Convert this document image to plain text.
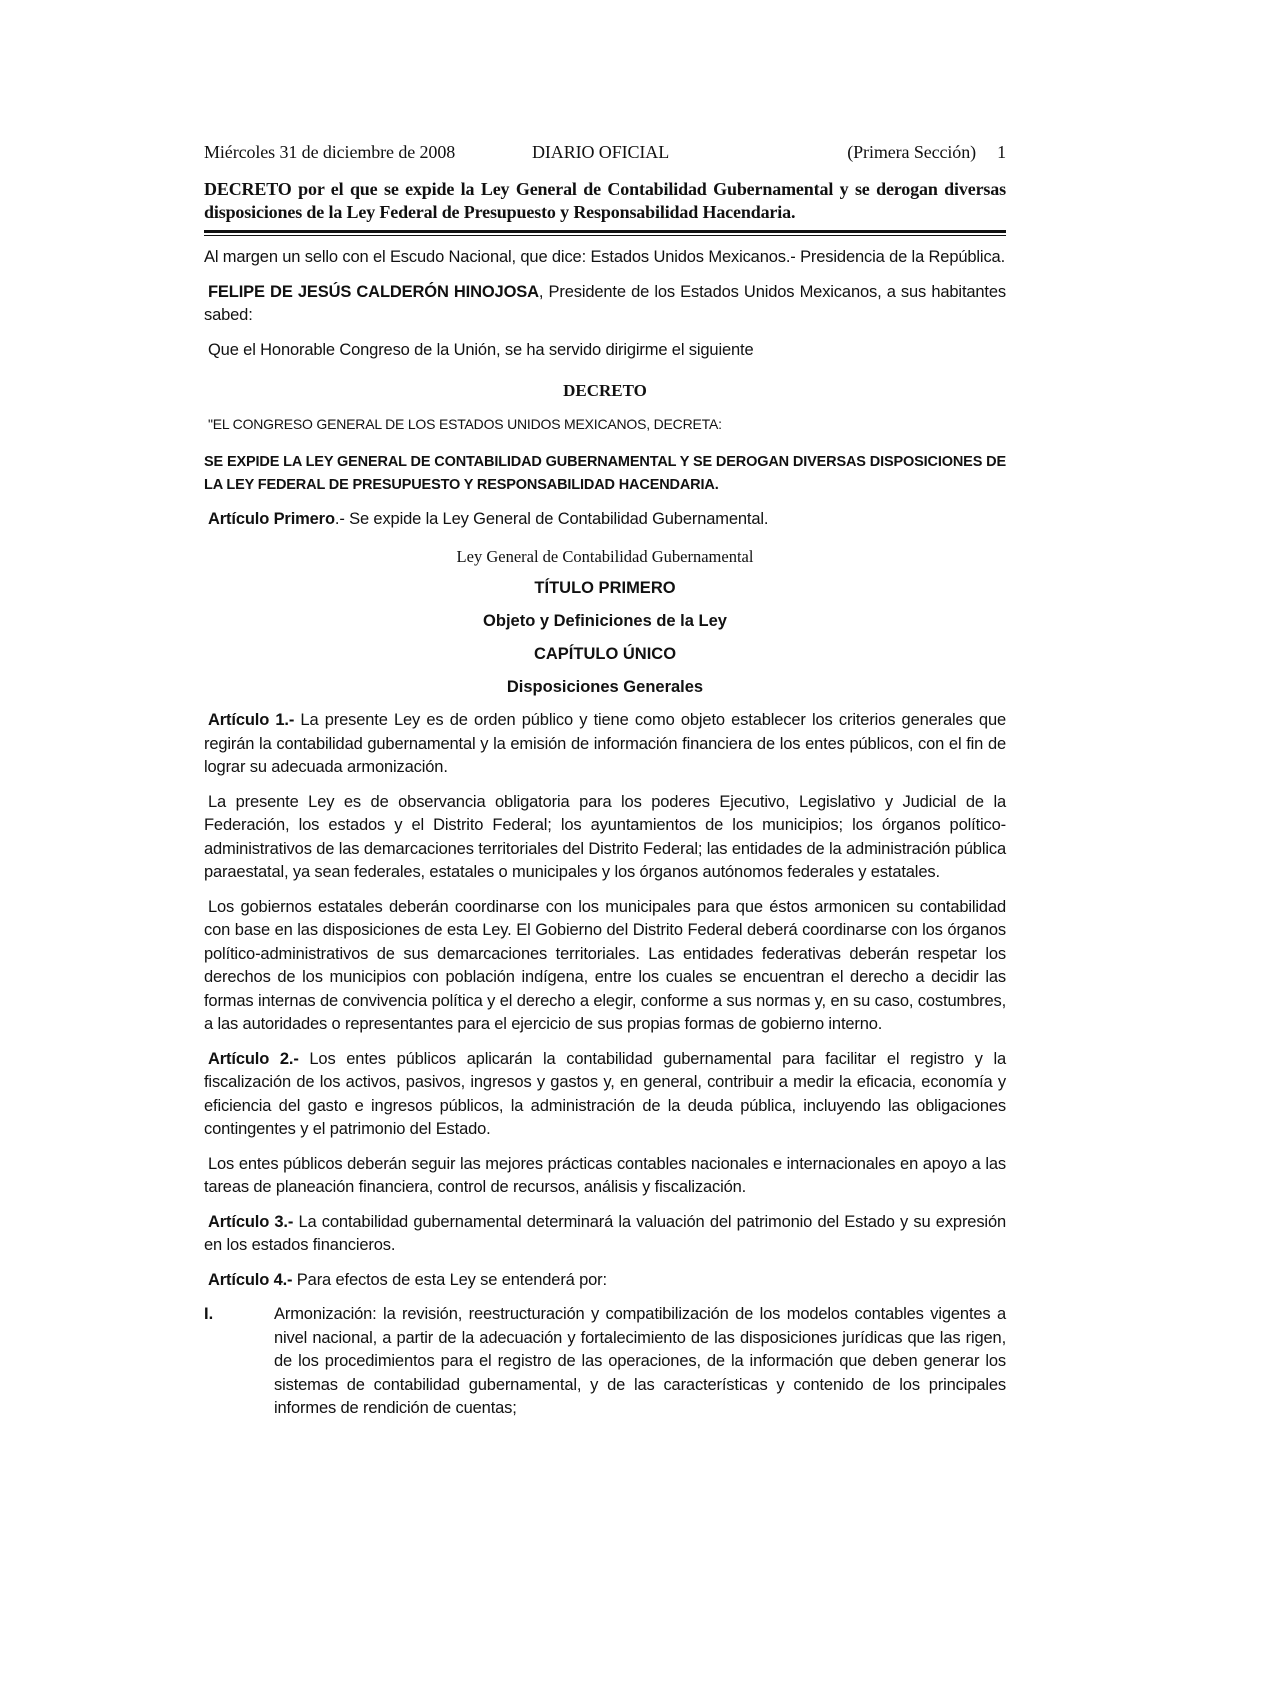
Miércoles 31 de diciembre de 2008	DIARIO OFICIAL	(Primera Sección) 1

DECRETO por el que se expide la Ley General de Contabilidad Gubernamental y se derogan diversas disposiciones de la Ley Federal de Presupuesto y Responsabilidad Hacendaria.

Al margen un sello con el Escudo Nacional, que dice: Estados Unidos Mexicanos.- Presidencia de la República.

FELIPE DE JESÚS CALDERÓN HINOJOSA, Presidente de los Estados Unidos Mexicanos, a sus habitantes sabed:

Que el Honorable Congreso de la Unión, se ha servido dirigirme el siguiente

DECRETO

"EL CONGRESO GENERAL DE LOS ESTADOS UNIDOS MEXICANOS, DECRETA:

SE EXPIDE LA LEY GENERAL DE CONTABILIDAD GUBERNAMENTAL Y SE DEROGAN DIVERSAS DISPOSICIONES DE LA LEY FEDERAL DE PRESUPUESTO Y RESPONSABILIDAD HACENDARIA.

Artículo Primero.- Se expide la Ley General de Contabilidad Gubernamental.

Ley General de Contabilidad Gubernamental
TÍTULO PRIMERO
Objeto y Definiciones de la Ley
CAPÍTULO ÚNICO
Disposiciones Generales

Artículo 1.- La presente Ley es de orden público y tiene como objeto establecer los criterios generales que regirán la contabilidad gubernamental y la emisión de información financiera de los entes públicos, con el fin de lograr su adecuada armonización.

La presente Ley es de observancia obligatoria para los poderes Ejecutivo, Legislativo y Judicial de la Federación, los estados y el Distrito Federal; los ayuntamientos de los municipios; los órganos político-administrativos de las demarcaciones territoriales del Distrito Federal; las entidades de la administración pública paraestatal, ya sean federales, estatales o municipales y los órganos autónomos federales y estatales.

Los gobiernos estatales deberán coordinarse con los municipales para que éstos armonicen su contabilidad con base en las disposiciones de esta Ley. El Gobierno del Distrito Federal deberá coordinarse con los órganos político-administrativos de sus demarcaciones territoriales. Las entidades federativas deberán respetar los derechos de los municipios con población indígena, entre los cuales se encuentran el derecho a decidir las formas internas de convivencia política y el derecho a elegir, conforme a sus normas y, en su caso, costumbres, a las autoridades o representantes para el ejercicio de sus propias formas de gobierno interno.

Artículo 2.- Los entes públicos aplicarán la contabilidad gubernamental para facilitar el registro y la fiscalización de los activos, pasivos, ingresos y gastos y, en general, contribuir a medir la eficacia, economía y eficiencia del gasto e ingresos públicos, la administración de la deuda pública, incluyendo las obligaciones contingentes y el patrimonio del Estado.

Los entes públicos deberán seguir las mejores prácticas contables nacionales e internacionales en apoyo a las tareas de planeación financiera, control de recursos, análisis y fiscalización.

Artículo 3.- La contabilidad gubernamental determinará la valuación del patrimonio del Estado y su expresión en los estados financieros.

Artículo 4.- Para efectos de esta Ley se entenderá por:

I.	Armonización: la revisión, reestructuración y compatibilización de los modelos contables vigentes a nivel nacional, a partir de la adecuación y fortalecimiento de las disposiciones jurídicas que las rigen, de los procedimientos para el registro de las operaciones, de la información que deben generar los sistemas de contabilidad gubernamental, y de las características y contenido de los principales informes de rendición de cuentas;
